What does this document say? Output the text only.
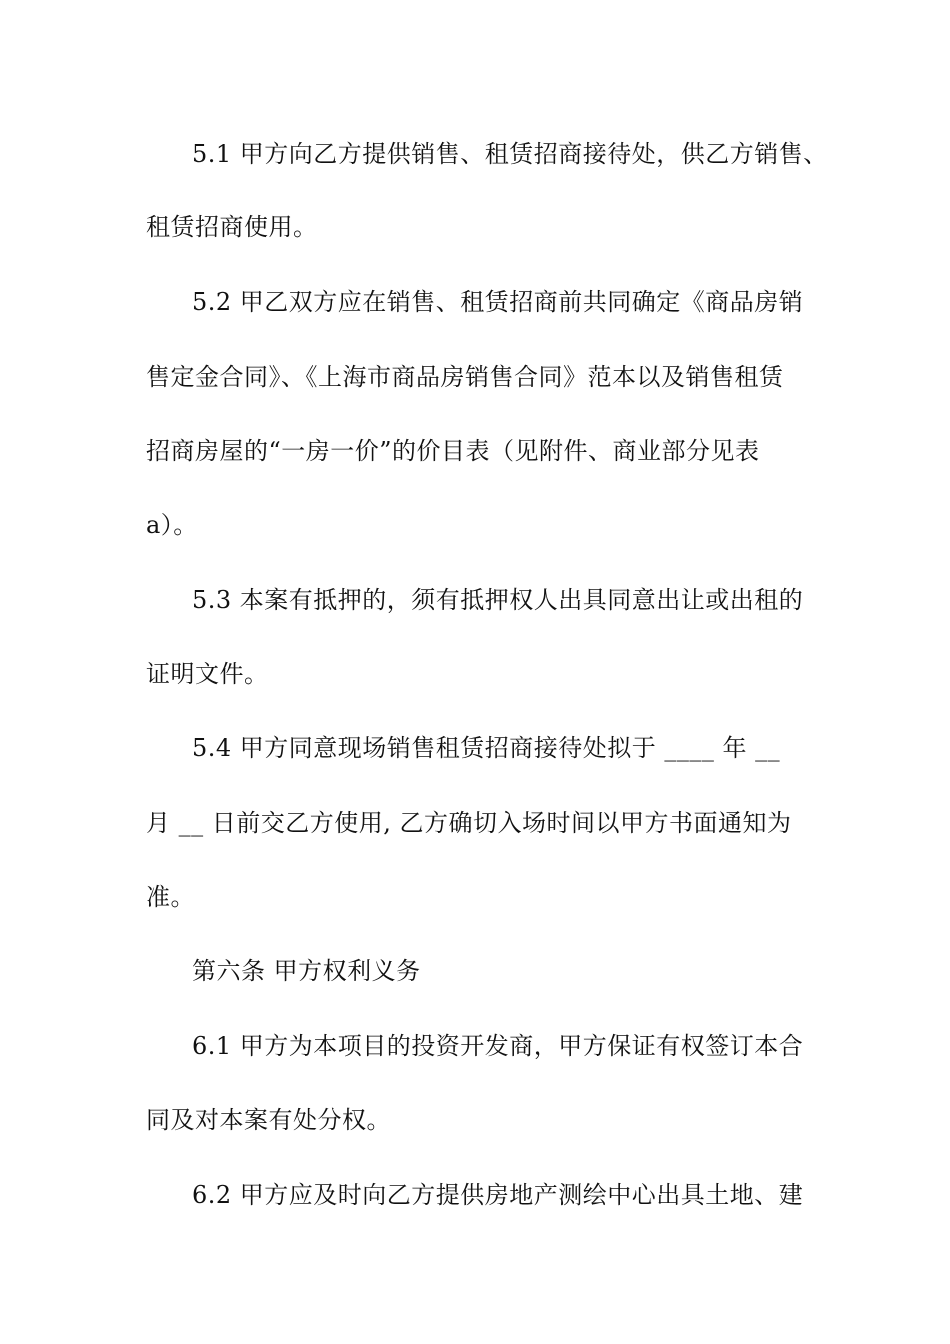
5.1 甲方向乙方提供销售、租赁招商接待处，供乙方销售、
租赁招商使用。
5.2 甲乙双方应在销售、租赁招商前共同确定《商品房销
售定金合同》、《上海市商品房销售合同》范本以及销售租赁
招商房屋的“一房一价”的价目表（见附件、商业部分见表
a）。
5.3 本案有抵押的，须有抵押权人出具同意出让或出租的
证明文件。
5.4 甲方同意现场销售租赁招商接待处拟于 ____ 年 __
月 __ 日前交乙方使用, 乙方确切入场时间以甲方书面通知为
准。
第六条 甲方权利义务
6.1 甲方为本项目的投资开发商，甲方保证有权签订本合
同及对本案有处分权。
6.2 甲方应及时向乙方提供房地产测绘中心出具土地、建
